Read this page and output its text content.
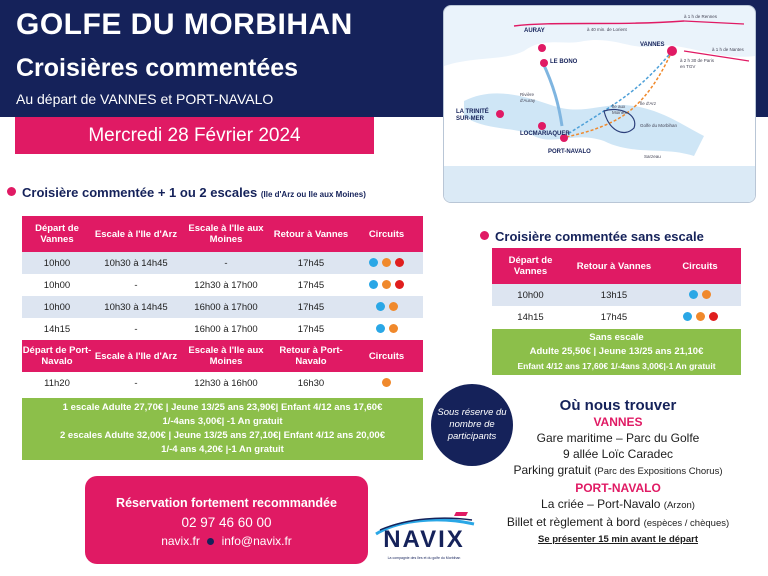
GOLFE DU MORBIHAN
Croisières commentées
Au départ de VANNES et PORT-NAVALO
AURAY
LE BONO
VANNES
LA TRINITÉ SUR-MER
LOCMARIAQUER
PORT-NAVALO
à 1 h de Rennes
à 40 min. de Lorient
à 1 h de Nantes
à 2 h 30 de Paris en TGV
Rivière d'Auray
Golfe du Morbihan
Sarzeau
Île aux Moines
Île d'Arz
Mercredi 28 Février 2024
Croisière commentée + 1 ou 2 escales (Ile d'Arz ou Ile aux Moines)
Départ de Vannes	Escale à l'Ile d'Arz	Escale à l'Ile aux Moines	Retour à Vannes	Circuits
10h00	10h30 à 14h45	-	17h45	
10h00	-	12h30 à 17h00	17h45	
10h00	10h30 à 14h45	16h00 à 17h00	17h45	
14h15	-	16h00 à 17h00	17h45	
Départ de Port-Navalo	Escale à l'Ile d'Arz	Escale à l'Ile aux Moines	Retour à Port-Navalo	Circuits
11h20	-	12h30 à 16h00	16h30	
1 escale Adulte 27,70€ | Jeune 13/25 ans 23,90€| Enfant 4/12 ans 17,60€
1/-4ans 3,00€| -1 An gratuit
2 escales Adulte 32,00€ | Jeune 13/25 ans 27,10€| Enfant 4/12 ans 20,00€
1/-4 ans 4,20€ |-1 An gratuit
Croisière commentée sans escale
Départ de Vannes	Retour à Vannes	Circuits
10h00	13h15	
14h15	17h45	
Sans escale
Adulte 25,50€ | Jeune 13/25 ans 21,10€
Enfant 4/12 ans 17,60€ 1/-4ans 3,00€|-1 An gratuit
Sous réserve du nombre de participants
Où nous trouver
VANNES
Gare maritime – Parc du Golfe
9 allée Loïc Caradec
Parking gratuit (Parc des Expositions Chorus)
PORT-NAVALO
La criée – Port-Navalo (Arzon)
Billet et règlement à bord (espèces / chèques)
Se présenter 15 min avant le départ
Réservation fortement recommandée
02 97 46 60 00
navix.fr info@navix.fr	NAVIX
La compagnie des îles et du golfe du Morbihan
